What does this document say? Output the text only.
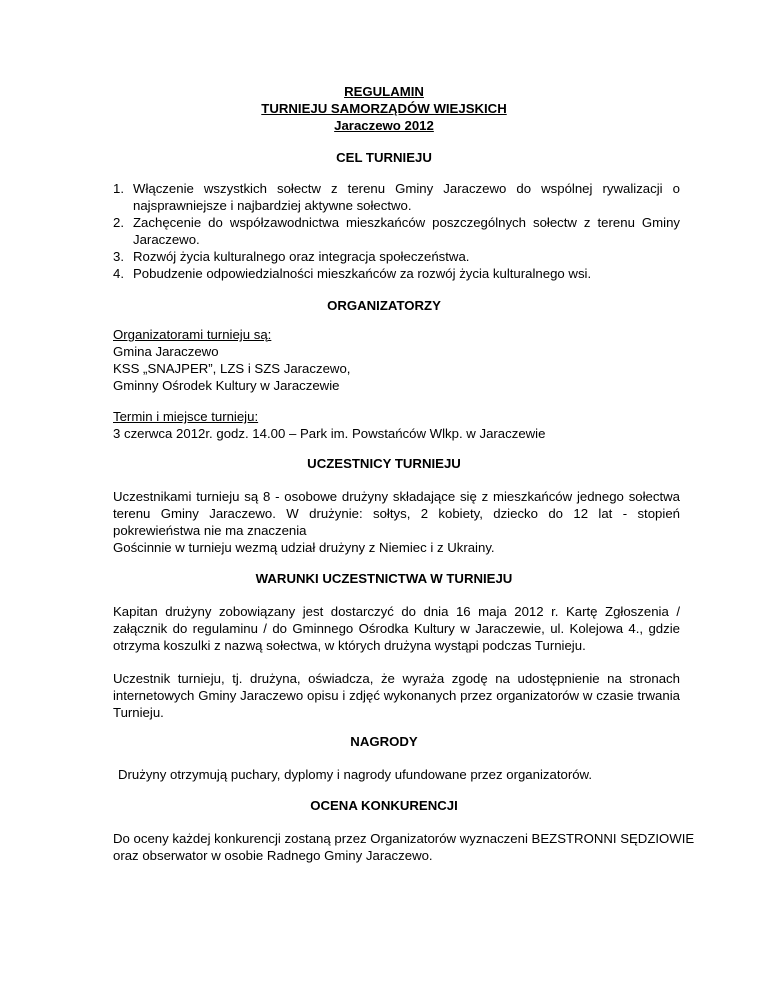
REGULAMIN
TURNIEJU SAMORZĄDÓW WIEJSKICH
Jaraczewo 2012
CEL TURNIEJU
1. Włączenie wszystkich sołectw z terenu Gminy Jaraczewo do wspólnej rywalizacji o najsprawniejsze i najbardziej aktywne sołectwo.
2. Zachęcenie do współzawodnictwa mieszkańców poszczególnych sołectw z terenu Gminy Jaraczewo.
3. Rozwój życia kulturalnego oraz integracja społeczeństwa.
4. Pobudzenie odpowiedzialności mieszkańców za rozwój życia kulturalnego wsi.
ORGANIZATORZY
Organizatorami turnieju są:
Gmina Jaraczewo
KSS „SNAJPER”, LZS i SZS Jaraczewo,
Gminny Ośrodek Kultury w Jaraczewie
Termin i miejsce turnieju:
3 czerwca 2012r. godz. 14.00 – Park im. Powstańców Wlkp. w Jaraczewie
UCZESTNICY TURNIEJU
Uczestnikami turnieju są 8 - osobowe drużyny składające się z mieszkańców jednego sołectwa terenu Gminy Jaraczewo. W drużynie: sołtys, 2 kobiety, dziecko do 12 lat - stopień pokrewieństwa nie ma znaczenia
Gościnnie w turnieju wezmą udział drużyny z Niemiec i z Ukrainy.
WARUNKI UCZESTNICTWA W TURNIEJU
Kapitan drużyny zobowiązany jest dostarczyć do dnia 16 maja 2012 r. Kartę Zgłoszenia / załącznik do regulaminu / do Gminnego Ośrodka Kultury w Jaraczewie, ul. Kolejowa 4., gdzie otrzyma koszulki z nazwą sołectwa, w których drużyna wystąpi podczas Turnieju.
Uczestnik turnieju, tj. drużyna, oświadcza, że wyraża zgodę na udostępnienie na stronach internetowych Gminy Jaraczewo opisu i zdjęć wykonanych przez organizatorów w czasie trwania Turnieju.
NAGRODY
Drużyny otrzymują puchary, dyplomy i nagrody ufundowane przez organizatorów.
OCENA KONKURENCJI
Do oceny każdej konkurencji zostaną przez Organizatorów wyznaczeni BEZSTRONNI SĘDZIOWIE
oraz obserwator w osobie Radnego Gminy Jaraczewo.
